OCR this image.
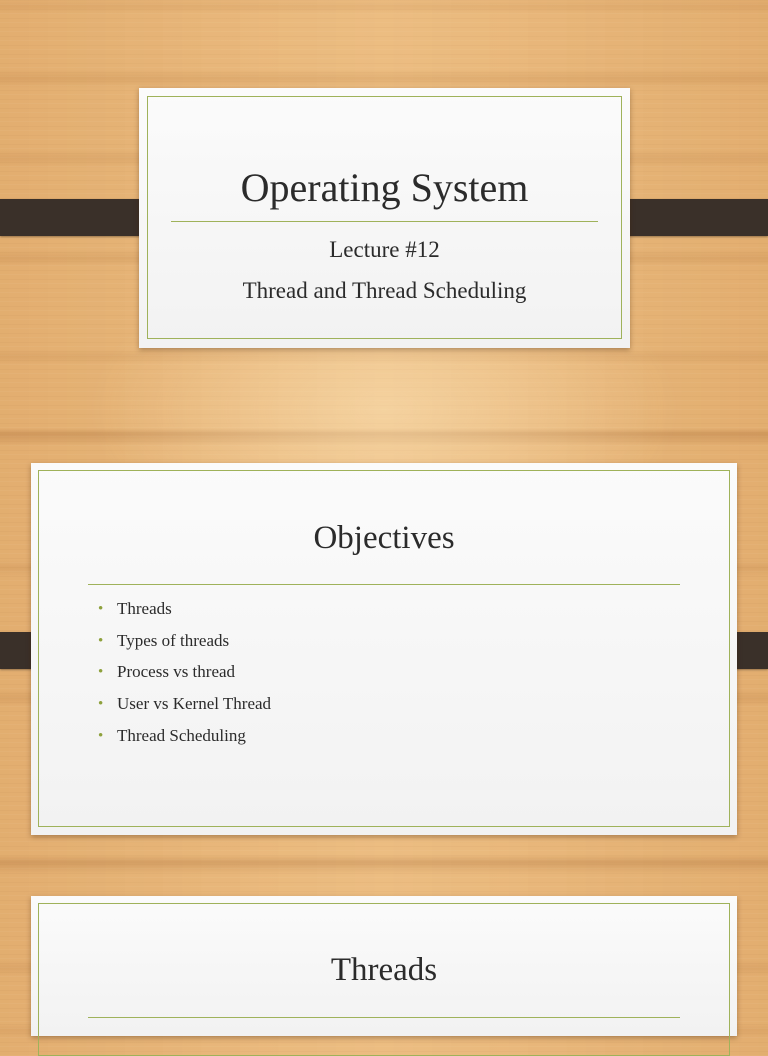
Operating System
Lecture #12
Thread and Thread Scheduling
Objectives
• Threads
• Types of threads
• Process vs thread
• User vs Kernel Thread
• Thread Scheduling
Threads
